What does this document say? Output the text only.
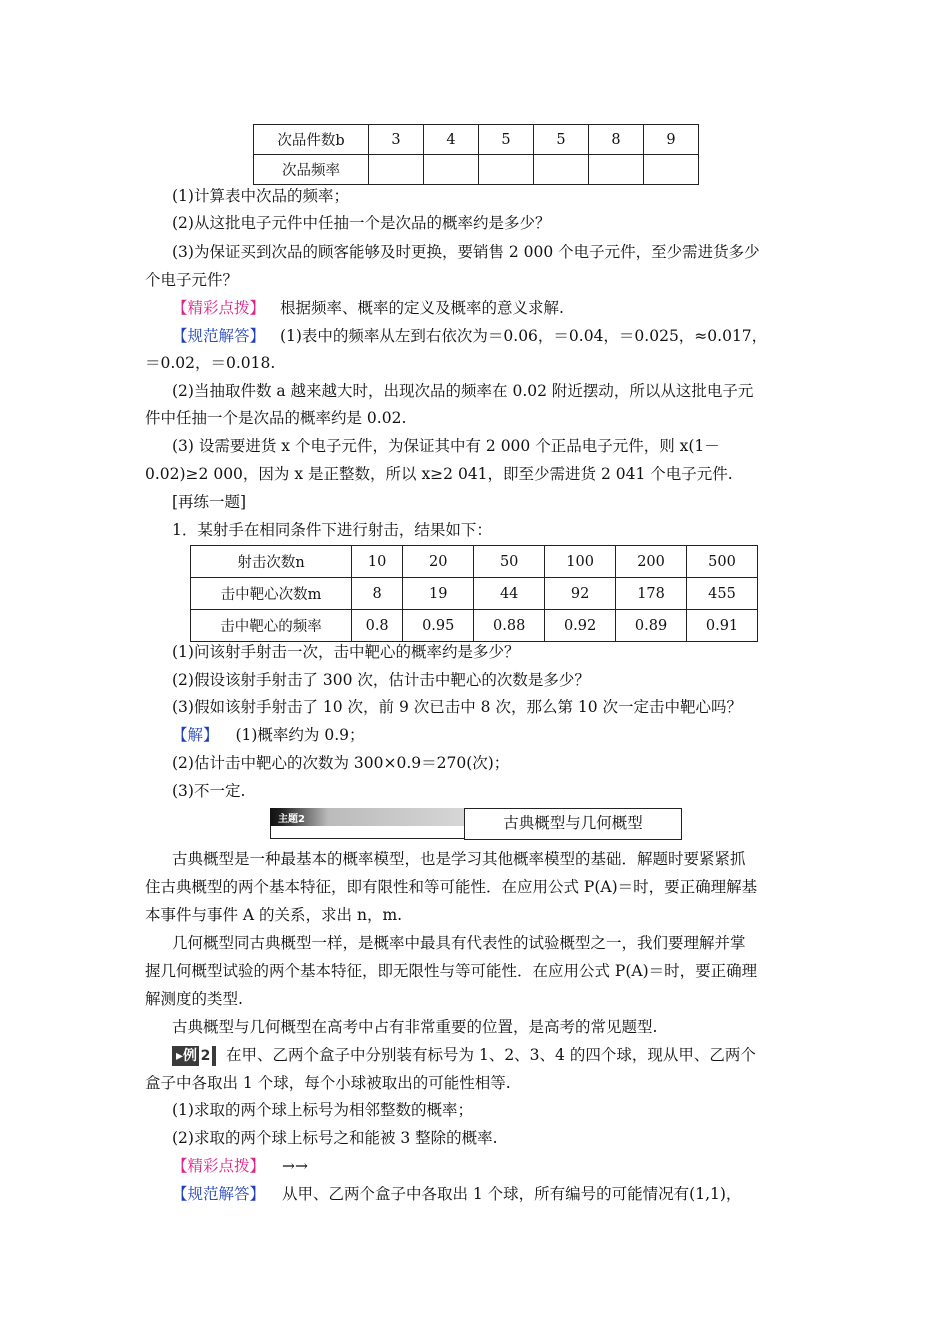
次品件数b	3	4	5	5	8	9
次品频率						
(1)计算表中次品的频率；
(2)从这批电子元件中任抽一个是次品的概率约是多少？
(3)为保证买到次品的顾客能够及时更换，要销售 2 000 个电子元件，至少需进货多少
个电子元件？
【精彩点拨】 根据频率、概率的定义及概率的意义求解.
【规范解答】 (1)表中的频率从左到右依次为＝0.06，＝0.04，＝0.025，≈0.017，
＝0.02，＝0.018.
(2)当抽取件数 a 越来越大时，出现次品的频率在 0.02 附近摆动，所以从这批电子元
件中任抽一个是次品的概率约是 0.02.
(3) 设需要进货 x 个电子元件，为保证其中有 2 000 个正品电子元件，则 x(1－
0.02)≥2 000，因为 x 是正整数，所以 x≥2 041，即至少需进货 2 041 个电子元件.
[再练一题]
1．某射手在相同条件下进行射击，结果如下：
射击次数n	10	20	50	100	200	500
击中靶心次数m	8	19	44	92	178	455
击中靶心的频率	0.8	0.95	0.88	0.92	0.89	0.91
(1)问该射手射击一次，击中靶心的概率约是多少？
(2)假设该射手射击了 300 次，估计击中靶心的次数是多少？
(3)假如该射手射击了 10 次，前 9 次已击中 8 次，那么第 10 次一定击中靶心吗？
【解】 (1)概率约为 0.9；
(2)估计击中靶心的次数为 300×0.9＝270(次)；
(3)不一定.
主题2	古典概型与几何概型
古典概型是一种最基本的概率模型，也是学习其他概率模型的基础．解题时要紧紧抓
住古典概型的两个基本特征，即有限性和等可能性．在应用公式 P(A)＝时，要正确理解基
本事件与事件 A 的关系，求出 n，m.
几何概型同古典概型一样，是概率中最具有代表性的试验概型之一，我们要理解并掌
握几何概型试验的两个基本特征，即无限性与等可能性．在应用公式 P(A)＝时，要正确理
解测度的类型.
古典概型与几何概型在高考中占有非常重要的位置，是高考的常见题型.
▸例 2 在甲、乙两个盒子中分别装有标号为 1、2、3、4 的四个球，现从甲、乙两个
盒子中各取出 1 个球，每个小球被取出的可能性相等.
(1)求取的两个球上标号为相邻整数的概率；
(2)求取的两个球上标号之和能被 3 整除的概率.
【精彩点拨】 →→
【规范解答】 从甲、乙两个盒子中各取出 1 个球，所有编号的可能情况有(1,1)，
